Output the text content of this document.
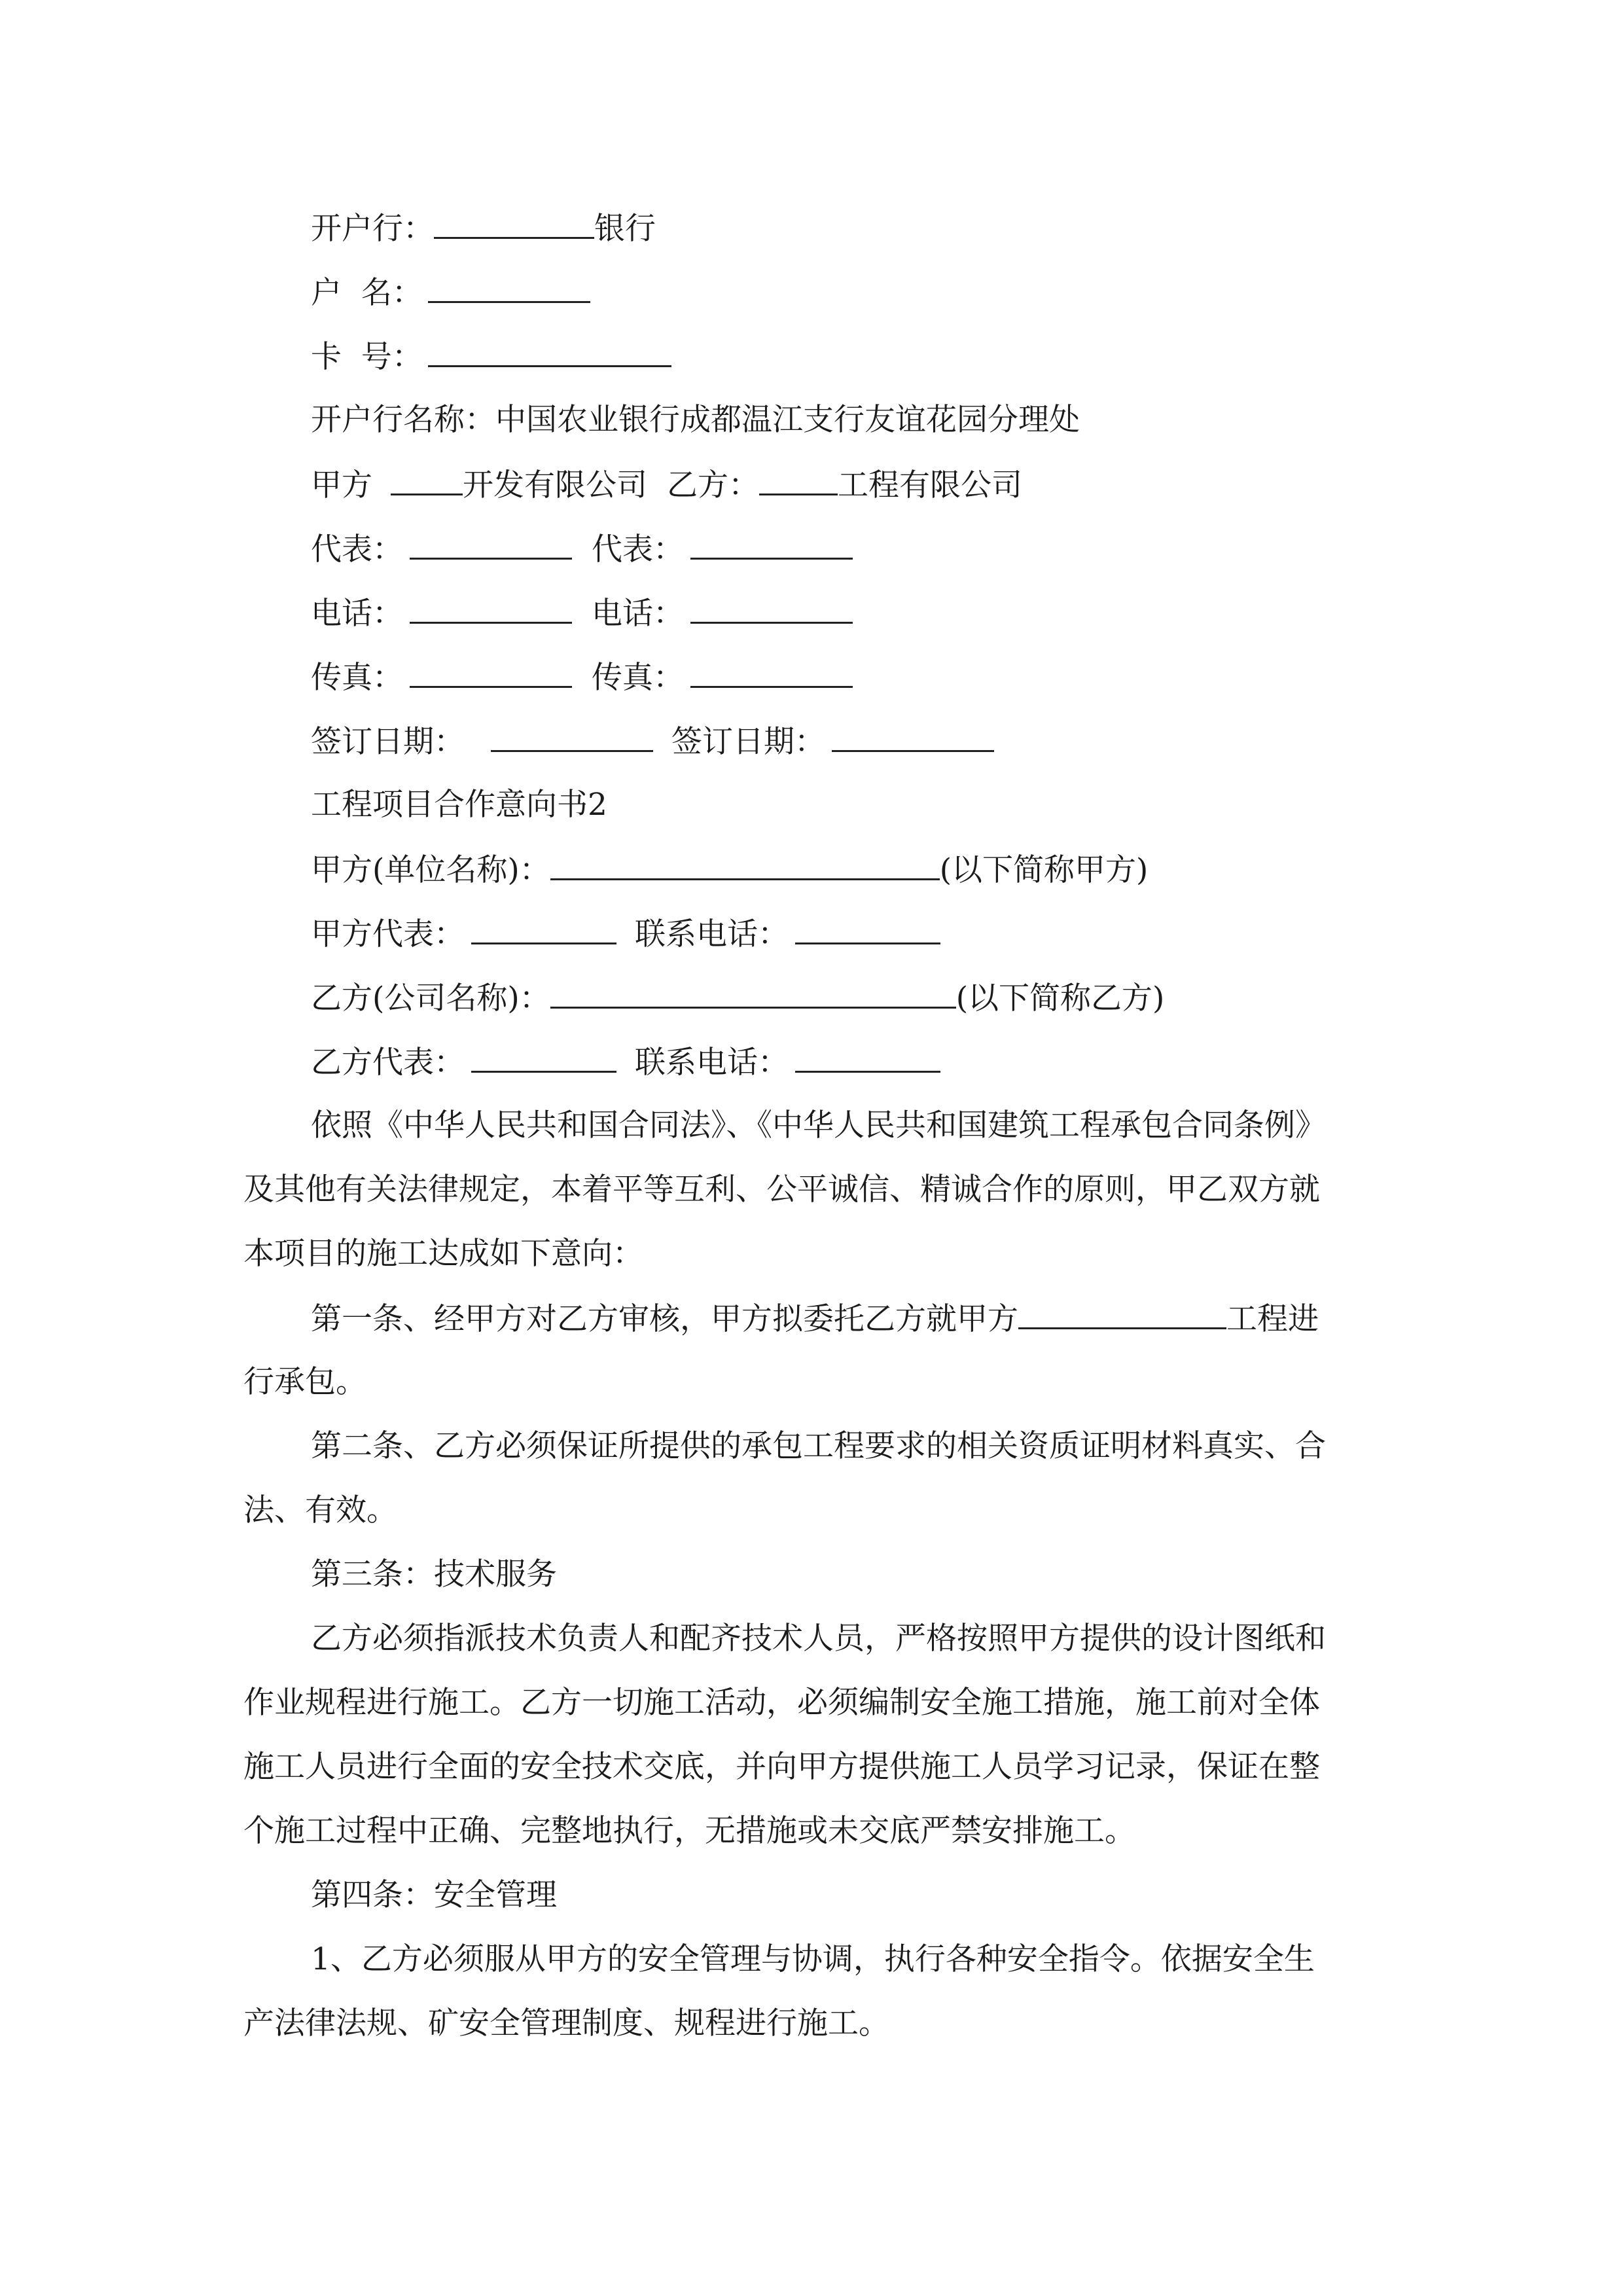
开户行：	银行
户  名：
卡  号：
开户行名称：中国农业银行成都温江支行友谊花园分理处
甲方	开发有限公司 乙方：	工程有限公司
代表：	代表：
电话：	电话：
传真：	传真：
签订日期：	签订日期：
工程项目合作意向书2
甲方(单位名称)：	(以下简称甲方)
甲方代表：	联系电话：
乙方(公司名称)：	(以下简称乙方)
乙方代表：	联系电话：
依照《中华人民共和国合同法》、《中华人民共和国建筑工程承包合同条例》
及其他有关法律规定，本着平等互利、公平诚信、精诚合作的原则，甲乙双方就
本项目的施工达成如下意向：
第一条、经甲方对乙方审核，甲方拟委托乙方就甲方	工程进
行承包。
第二条、乙方必须保证所提供的承包工程要求的相关资质证明材料真实、合
法、有效。
第三条：技术服务
乙方必须指派技术负责人和配齐技术人员，严格按照甲方提供的设计图纸和
作业规程进行施工。乙方一切施工活动，必须编制安全施工措施，施工前对全体
施工人员进行全面的安全技术交底，并向甲方提供施工人员学习记录，保证在整
个施工过程中正确、完整地执行，无措施或未交底严禁安排施工。
第四条：安全管理
1、乙方必须服从甲方的安全管理与协调，执行各种安全指令。依据安全生
产法律法规、矿安全管理制度、规程进行施工。
